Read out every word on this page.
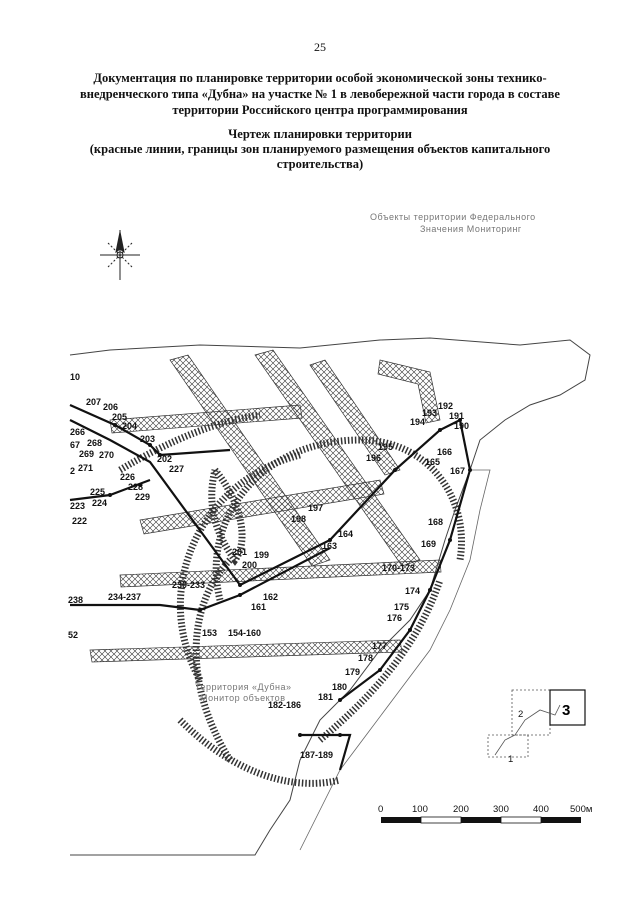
25
Документация по планировке территории особой экономической зоны технико-
внедренческого типа «Дубна» на участке № 1 в левобережной части города в составе
территории Российского центра программирования
Чертеж планировки территории
(красные линии, границы зон планируемого размещения объектов капитального
строительства)
Объекты территории Федерального
Значения Мониторинг
10
207 206
205
204
266
67 268
269 270
203
271
2
202
227
226
228
229
225
224
223
222
192
193 191
194	190
195
196
166
165
167
197
198	168
164
163	169
201 199
200	170-173
230-233
238	234-237
174
162
161	175
176
52	153 154-160
177
178
179
180
181
182-186
187-189
Территория «Дубна»
Монитор объектов
1
2	3
0	100	200	300	400 500м
